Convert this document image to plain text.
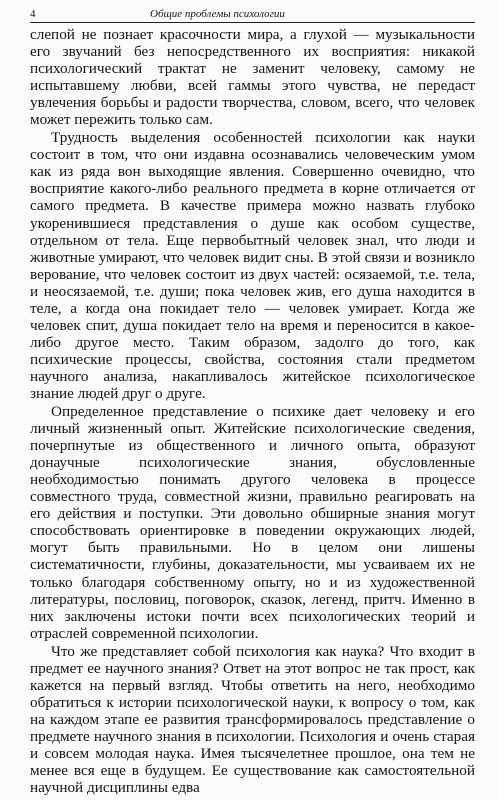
4	Общие проблемы психологии

слепой не познает красочности мира, а глухой — музыкальности его звучаний без непосредственного их восприятия: никакой психологический трактат не заменит человеку, самому не испытавшему любви, всей гаммы этого чувства, не передаст увлечения борьбы и радости творчества, словом, всего, что человек может пережить только сам.

Трудность выделения особенностей психологии как науки состоит в том, что они издавна осознавались человеческим умом как из ряда вон выходящие явления. Совершенно очевидно, что восприятие какого-либо реального предмета в корне отличается от самого предмета. В качестве примера можно назвать глубоко укоренившиеся представления о душе как особом существе, отдельном от тела. Еще первобытный человек знал, что люди и животные умирают, что человек видит сны. В этой связи и возникло верование, что человек состоит из двух частей: осязаемой, т.е. тела, и неосязаемой, т.е. души; пока человек жив, его душа находится в теле, а когда она покидает тело — человек умирает. Когда же человек спит, душа покидает тело на время и переносится в какое-либо другое место. Таким образом, задолго до того, как психические процессы, свойства, состояния стали предметом научного анализа, накапливалось житейское психологическое знание людей друг о друге.

Определенное представление о психике дает человеку и его личный жизненный опыт. Житейские психологические сведения, почерпнутые из общественного и личного опыта, образуют донаучные психологические знания, обусловленные необходимостью понимать другого человека в процессе совместного труда, совместной жизни, правильно реагировать на его действия и поступки. Эти довольно обширные знания могут способствовать ориентировке в поведении окружающих людей, могут быть правильными. Но в целом они лишены систематичности, глубины, доказательности, мы усваиваем их не только благодаря собственному опыту, но и из художественной литературы, пословиц, поговорок, сказок, легенд, притч. Именно в них заключены истоки почти всех психологических теорий и отраслей современной психологии.

Что же представляет собой психология как наука? Что входит в предмет ее научного знания? Ответ на этот вопрос не так прост, как кажется на первый взгляд. Чтобы ответить на него, необходимо обратиться к истории психологической науки, к вопросу о том, как на каждом этапе ее развития трансформировалось представление о предмете научного знания в психологии. Психология и очень старая и совсем молодая наука. Имея тысячелетнее прошлое, она тем не менее вся еще в будущем. Ее существование как самостоятельной научной дисциплины едва
